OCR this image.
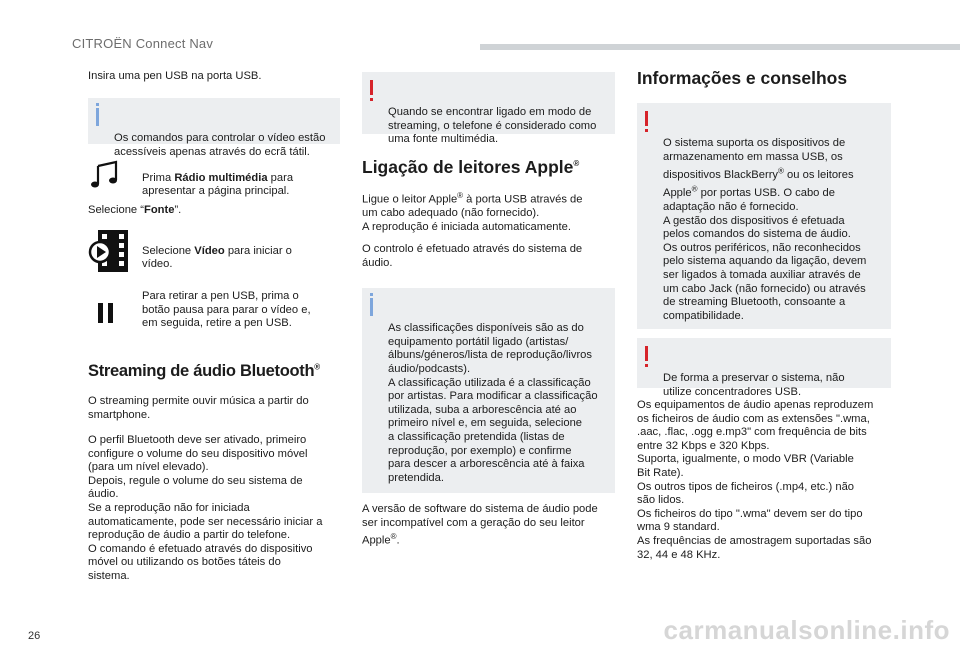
CITROËN Connect Nav

Insira uma pen USB na porta USB.

Os comandos para controlar o vídeo estão
acessíveis apenas através do ecrã tátil.

Prima Rádio multimédia para
apresentar a página principal.

Selecione “Fonte”.

Selecione Vídeo para iniciar o
vídeo.

Para retirar a pen USB, prima o
botão pausa para parar o vídeo e,
em seguida, retire a pen USB.
Streaming de áudio Bluetooth®

O streaming permite ouvir música a partir do
smartphone.

O perfil Bluetooth deve ser ativado, primeiro
configure o volume do seu dispositivo móvel
(para um nível elevado).
Depois, regule o volume do seu sistema de
áudio.
Se a reprodução não for iniciada
automaticamente, pode ser necessário iniciar a
reprodução de áudio a partir do telefone.
O comando é efetuado através do dispositivo
móvel ou utilizando os botões táteis do
sistema.

Quando se encontrar ligado em modo de
streaming, o telefone é considerado como
uma fonte multimédia.

Ligação de leitores Apple®

Ligue o leitor Apple® à porta USB através de
um cabo adequado (não fornecido).
A reprodução é iniciada automaticamente.

O controlo é efetuado através do sistema de
áudio.

As classificações disponíveis são as do
equipamento portátil ligado (artistas/
álbuns/géneros/lista de reprodução/livros
áudio/podcasts).
A classificação utilizada é a classificação
por artistas. Para modificar a classificação
utilizada, suba a arborescência até ao
primeiro nível e, em seguida, selecione
a classificação pretendida (listas de
reprodução, por exemplo) e confirme
para descer a arborescência até à faixa
pretendida.

A versão de software do sistema de áudio pode
ser incompatível com a geração do seu leitor
Apple®.

Informações e conselhos

O sistema suporta os dispositivos de
armazenamento em massa USB, os
dispositivos BlackBerry® ou os leitores
Apple® por portas USB. O cabo de
adaptação não é fornecido.
A gestão dos dispositivos é efetuada
pelos comandos do sistema de áudio.
Os outros periféricos, não reconhecidos
pelo sistema aquando da ligação, devem
ser ligados à tomada auxiliar através de
um cabo Jack (não fornecido) ou através
de streaming Bluetooth, consoante a
compatibilidade.

De forma a preservar o sistema, não
utilize concentradores USB.

Os equipamentos de áudio apenas reproduzem
os ficheiros de áudio com as extensões ".wma,
.aac, .flac, .ogg e.mp3" com frequência de bits
entre 32 Kbps e 320 Kbps.
Suporta, igualmente, o modo VBR (Variable
Bit Rate).
Os outros tipos de ficheiros (.mp4, etc.) não
são lidos.
Os ficheiros do tipo ".wma" devem ser do tipo
wma 9 standard.
As frequências de amostragem suportadas são
32, 44 e 48 KHz.

26	carmanualsonline.info
